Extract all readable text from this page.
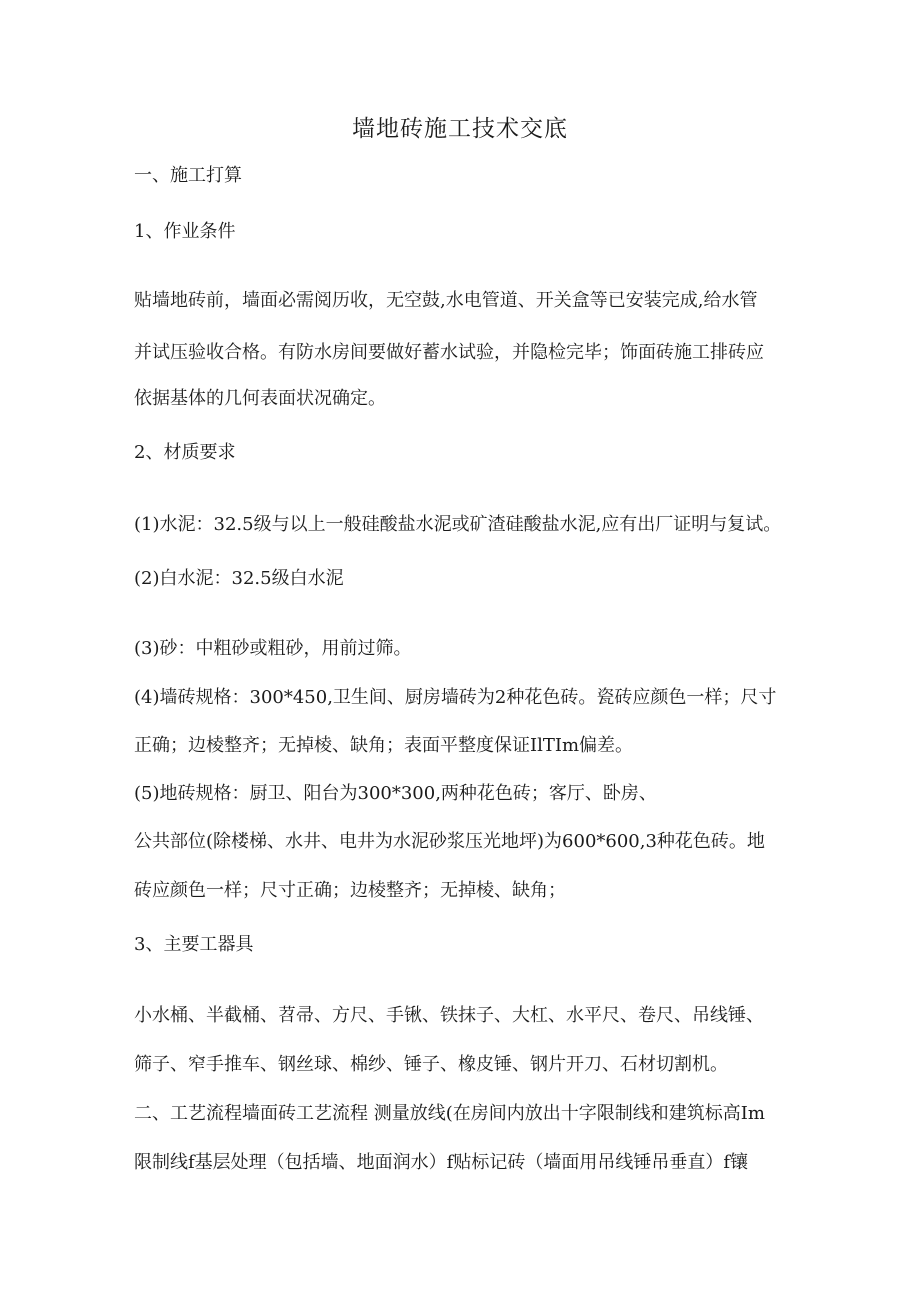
墙地砖施工技术交底
一、施工打算
1、作业条件
贴墙地砖前，墙面必需阅历收，无空鼓,水电管道、开关盒等已安装完成,给水管
并试压验收合格。有防水房间要做好蓄水试验，并隐检完毕；饰面砖施工排砖应
依据基体的几何表面状况确定。
2、材质要求
(1)水泥：32.5级与以上一般硅酸盐水泥或矿渣硅酸盐水泥,应有出厂证明与复试。
(2)白水泥：32.5级白水泥
(3)砂：中粗砂或粗砂，用前过筛。
(4)墙砖规格：300*450,卫生间、厨房墙砖为2种花色砖。瓷砖应颜色一样；尺寸
正确；边棱整齐；无掉棱、缺角；表面平整度保证IlTIm偏差。
(5)地砖规格：厨卫、阳台为300*300,两种花色砖；客厅、卧房、
公共部位(除楼梯、水井、电井为水泥砂浆压光地坪)为600*600,3种花色砖。地
砖应颜色一样；尺寸正确；边棱整齐；无掉棱、缺角；
3、主要工器具
小水桶、半截桶、苕帚、方尺、手锹、铁抹子、大杠、水平尺、卷尺、吊线锤、
筛子、窄手推车、钢丝球、棉纱、锤子、橡皮锤、钢片开刀、石材切割机。
二、工艺流程墙面砖工艺流程 测量放线(在房间内放出十字限制线和建筑标高Im
限制线f基层处理（包括墙、地面润水）f贴标记砖（墙面用吊线锤吊垂直）f镶
